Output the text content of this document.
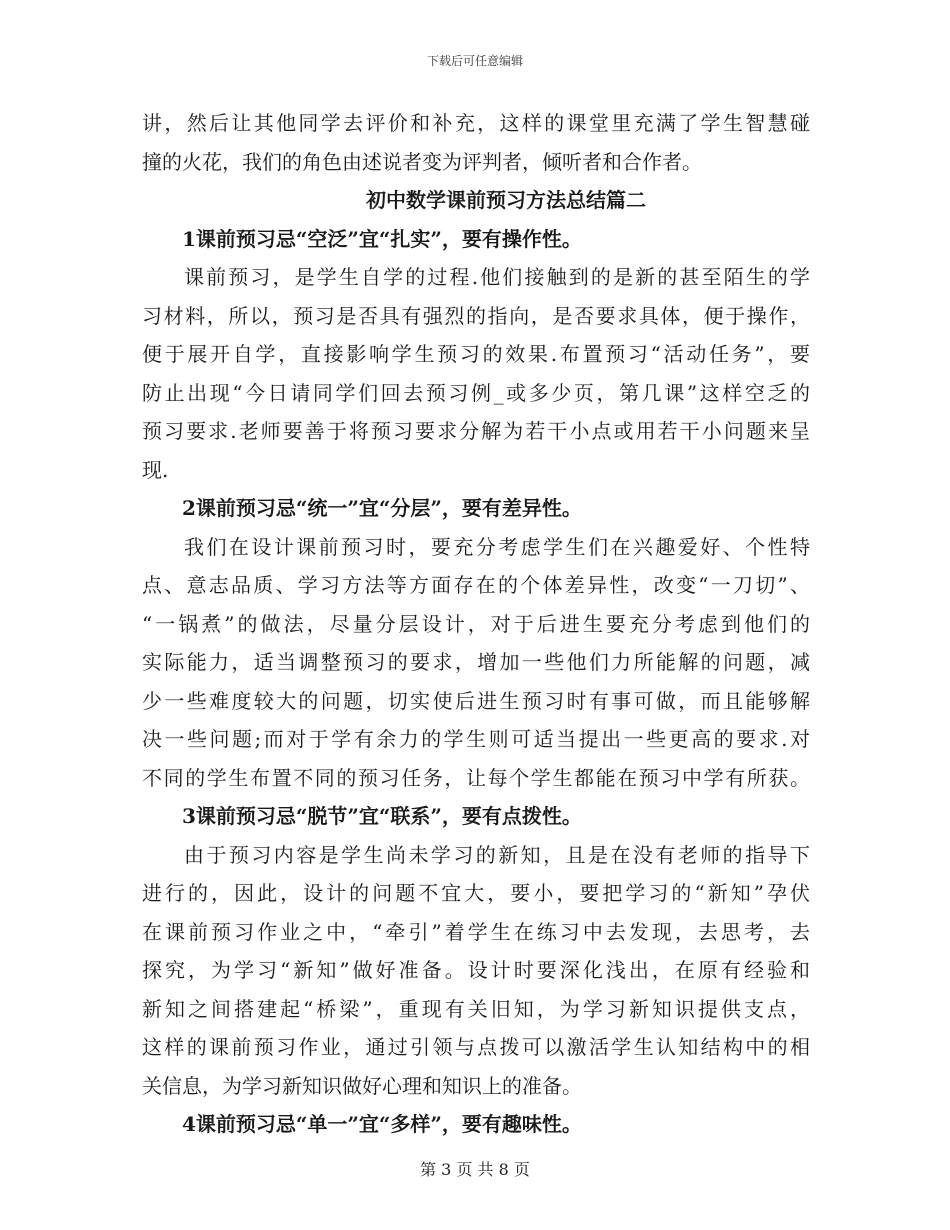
下载后可任意编辑
讲，然后让其他同学去评价和补充，这样的课堂里充满了学生智慧碰
撞的火花，我们的角色由述说者变为评判者，倾听者和合作者。
初中数学课前预习方法总结篇二
1课前预习忌“空泛”宜“扎实”，要有操作性。
课前预习，是学生自学的过程.他们接触到的是新的甚至陌生的学
习材料，所以，预习是否具有强烈的指向，是否要求具体，便于操作，
便于展开自学，直接影响学生预习的效果.布置预习“活动任务”，要
防止出现“今日请同学们回去预习例_或多少页，第几课”这样空乏的
预习要求.老师要善于将预习要求分解为若干小点或用若干小问题来呈
现.
2课前预习忌“统一”宜“分层”，要有差异性。
我们在设计课前预习时，要充分考虑学生们在兴趣爱好、个性特
点、意志品质、学习方法等方面存在的个体差异性，改变“一刀切”、
“一锅煮”的做法，尽量分层设计，对于后进生要充分考虑到他们的
实际能力，适当调整预习的要求，增加一些他们力所能解的问题，减
少一些难度较大的问题，切实使后进生预习时有事可做，而且能够解
决一些问题;而对于学有余力的学生则可适当提出一些更高的要求.对
不同的学生布置不同的预习任务，让每个学生都能在预习中学有所获。
3课前预习忌“脱节”宜“联系”，要有点拨性。
由于预习内容是学生尚未学习的新知，且是在没有老师的指导下
进行的，因此，设计的问题不宜大，要小，要把学习的“新知”孕伏
在课前预习作业之中，“牵引”着学生在练习中去发现，去思考，去
探究，为学习“新知”做好准备。设计时要深化浅出，在原有经验和
新知之间搭建起“桥梁”，重现有关旧知，为学习新知识提供支点，
这样的课前预习作业，通过引领与点拨可以激活学生认知结构中的相
关信息，为学习新知识做好心理和知识上的准备。
4课前预习忌“单一”宜“多样”，要有趣味性。
第 3 页 共 8 页
